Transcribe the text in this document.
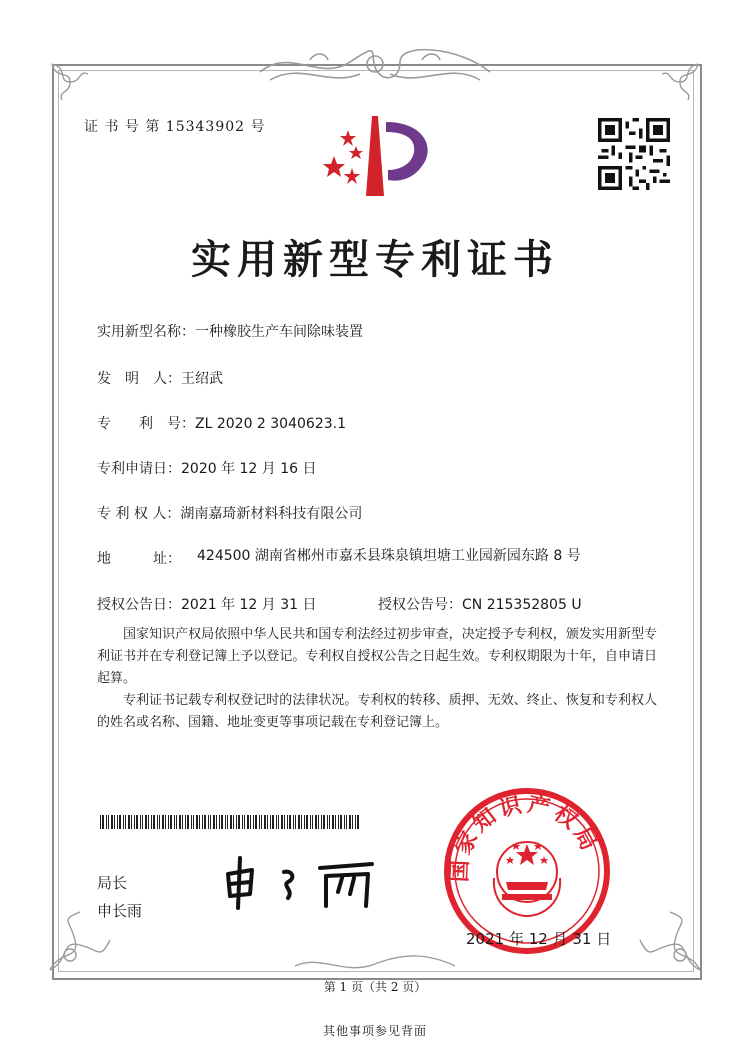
证 书 号 第 15343902 号
实用新型专利证书
实用新型名称：一种橡胶生产车间除味装置
发　明　人：王绍武
专　　利　号：ZL 2020 2 3040623.1
专利申请日：2020 年 12 月 16 日
专 利 权 人：湖南嘉琦新材料科技有限公司
地　　　址： 424500 湖南省郴州市嘉禾县珠泉镇坦塘工业园新园东路 8 号
授权公告日：2021 年 12 月 31 日	授权公告号：CN 215352805 U
国家知识产权局依照中华人民共和国专利法经过初步审查，决定授予专利权，颁发实用新型专利证书并在专利登记簿上予以登记。专利权自授权公告之日起生效。专利权期限为十年，自申请日起算。
专利证书记载专利权登记时的法律状况。专利权的转移、质押、无效、终止、恢复和专利权人的姓名或名称、国籍、地址变更等事项记载在专利登记簿上。
局长
申长雨
国家知识产权局
2021 年 12 月 31 日
第 1 页（共 2 页）
其他事项参见背面
